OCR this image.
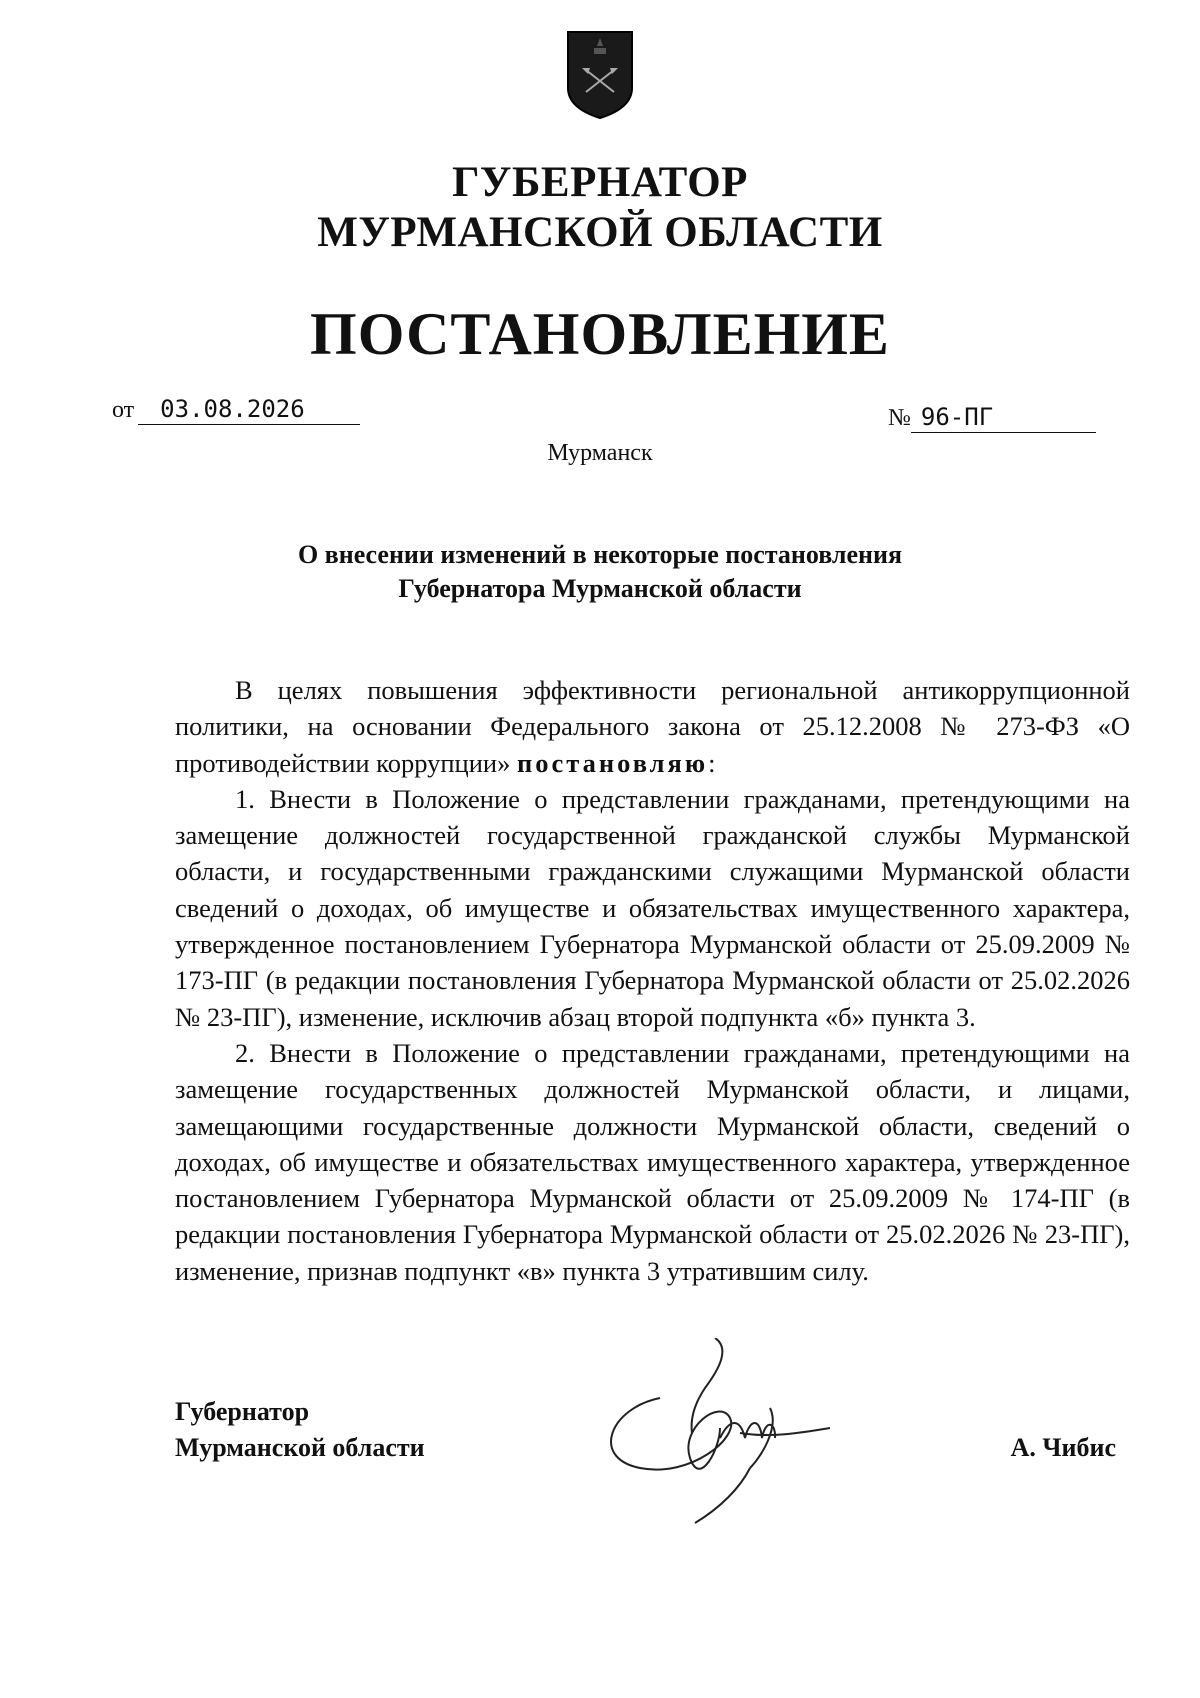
ГУБЕРНАТОР
МУРМАНСКОЙ ОБЛАСТИ
ПОСТАНОВЛЕНИЕ
от 03.08.2026	№ 96-ПГ

Мурманск

О внесении изменений в некоторые постановления
Губернатора Мурманской области

В целях повышения эффективности региональной антикоррупционной политики, на основании Федерального закона от 25.12.2008 № 273-ФЗ «О противодействии коррупции» постановляю:

1. Внести в Положение о представлении гражданами, претендующими на замещение должностей государственной гражданской службы Мурманской области, и государственными гражданскими служащими Мурманской области сведений о доходах, об имуществе и обязательствах имущественного характера, утвержденное постановлением Губернатора Мурманской области от 25.09.2009 № 173-ПГ (в редакции постановления Губернатора Мурманской области от 25.02.2026 № 23-ПГ), изменение, исключив абзац второй подпункта «б» пункта 3.

2. Внести в Положение о представлении гражданами, претендующими на замещение государственных должностей Мурманской области, и лицами, замещающими государственные должности Мурманской области, сведений о доходах, об имуществе и обязательствах имущественного характера, утвержденное постановлением Губернатора Мурманской области от 25.09.2009 № 174-ПГ (в редакции постановления Губернатора Мурманской области от 25.02.2026 № 23-ПГ), изменение, признав подпункт «в» пункта 3 утратившим силу.

Губернатор
Мурманской области	А. Чибис
